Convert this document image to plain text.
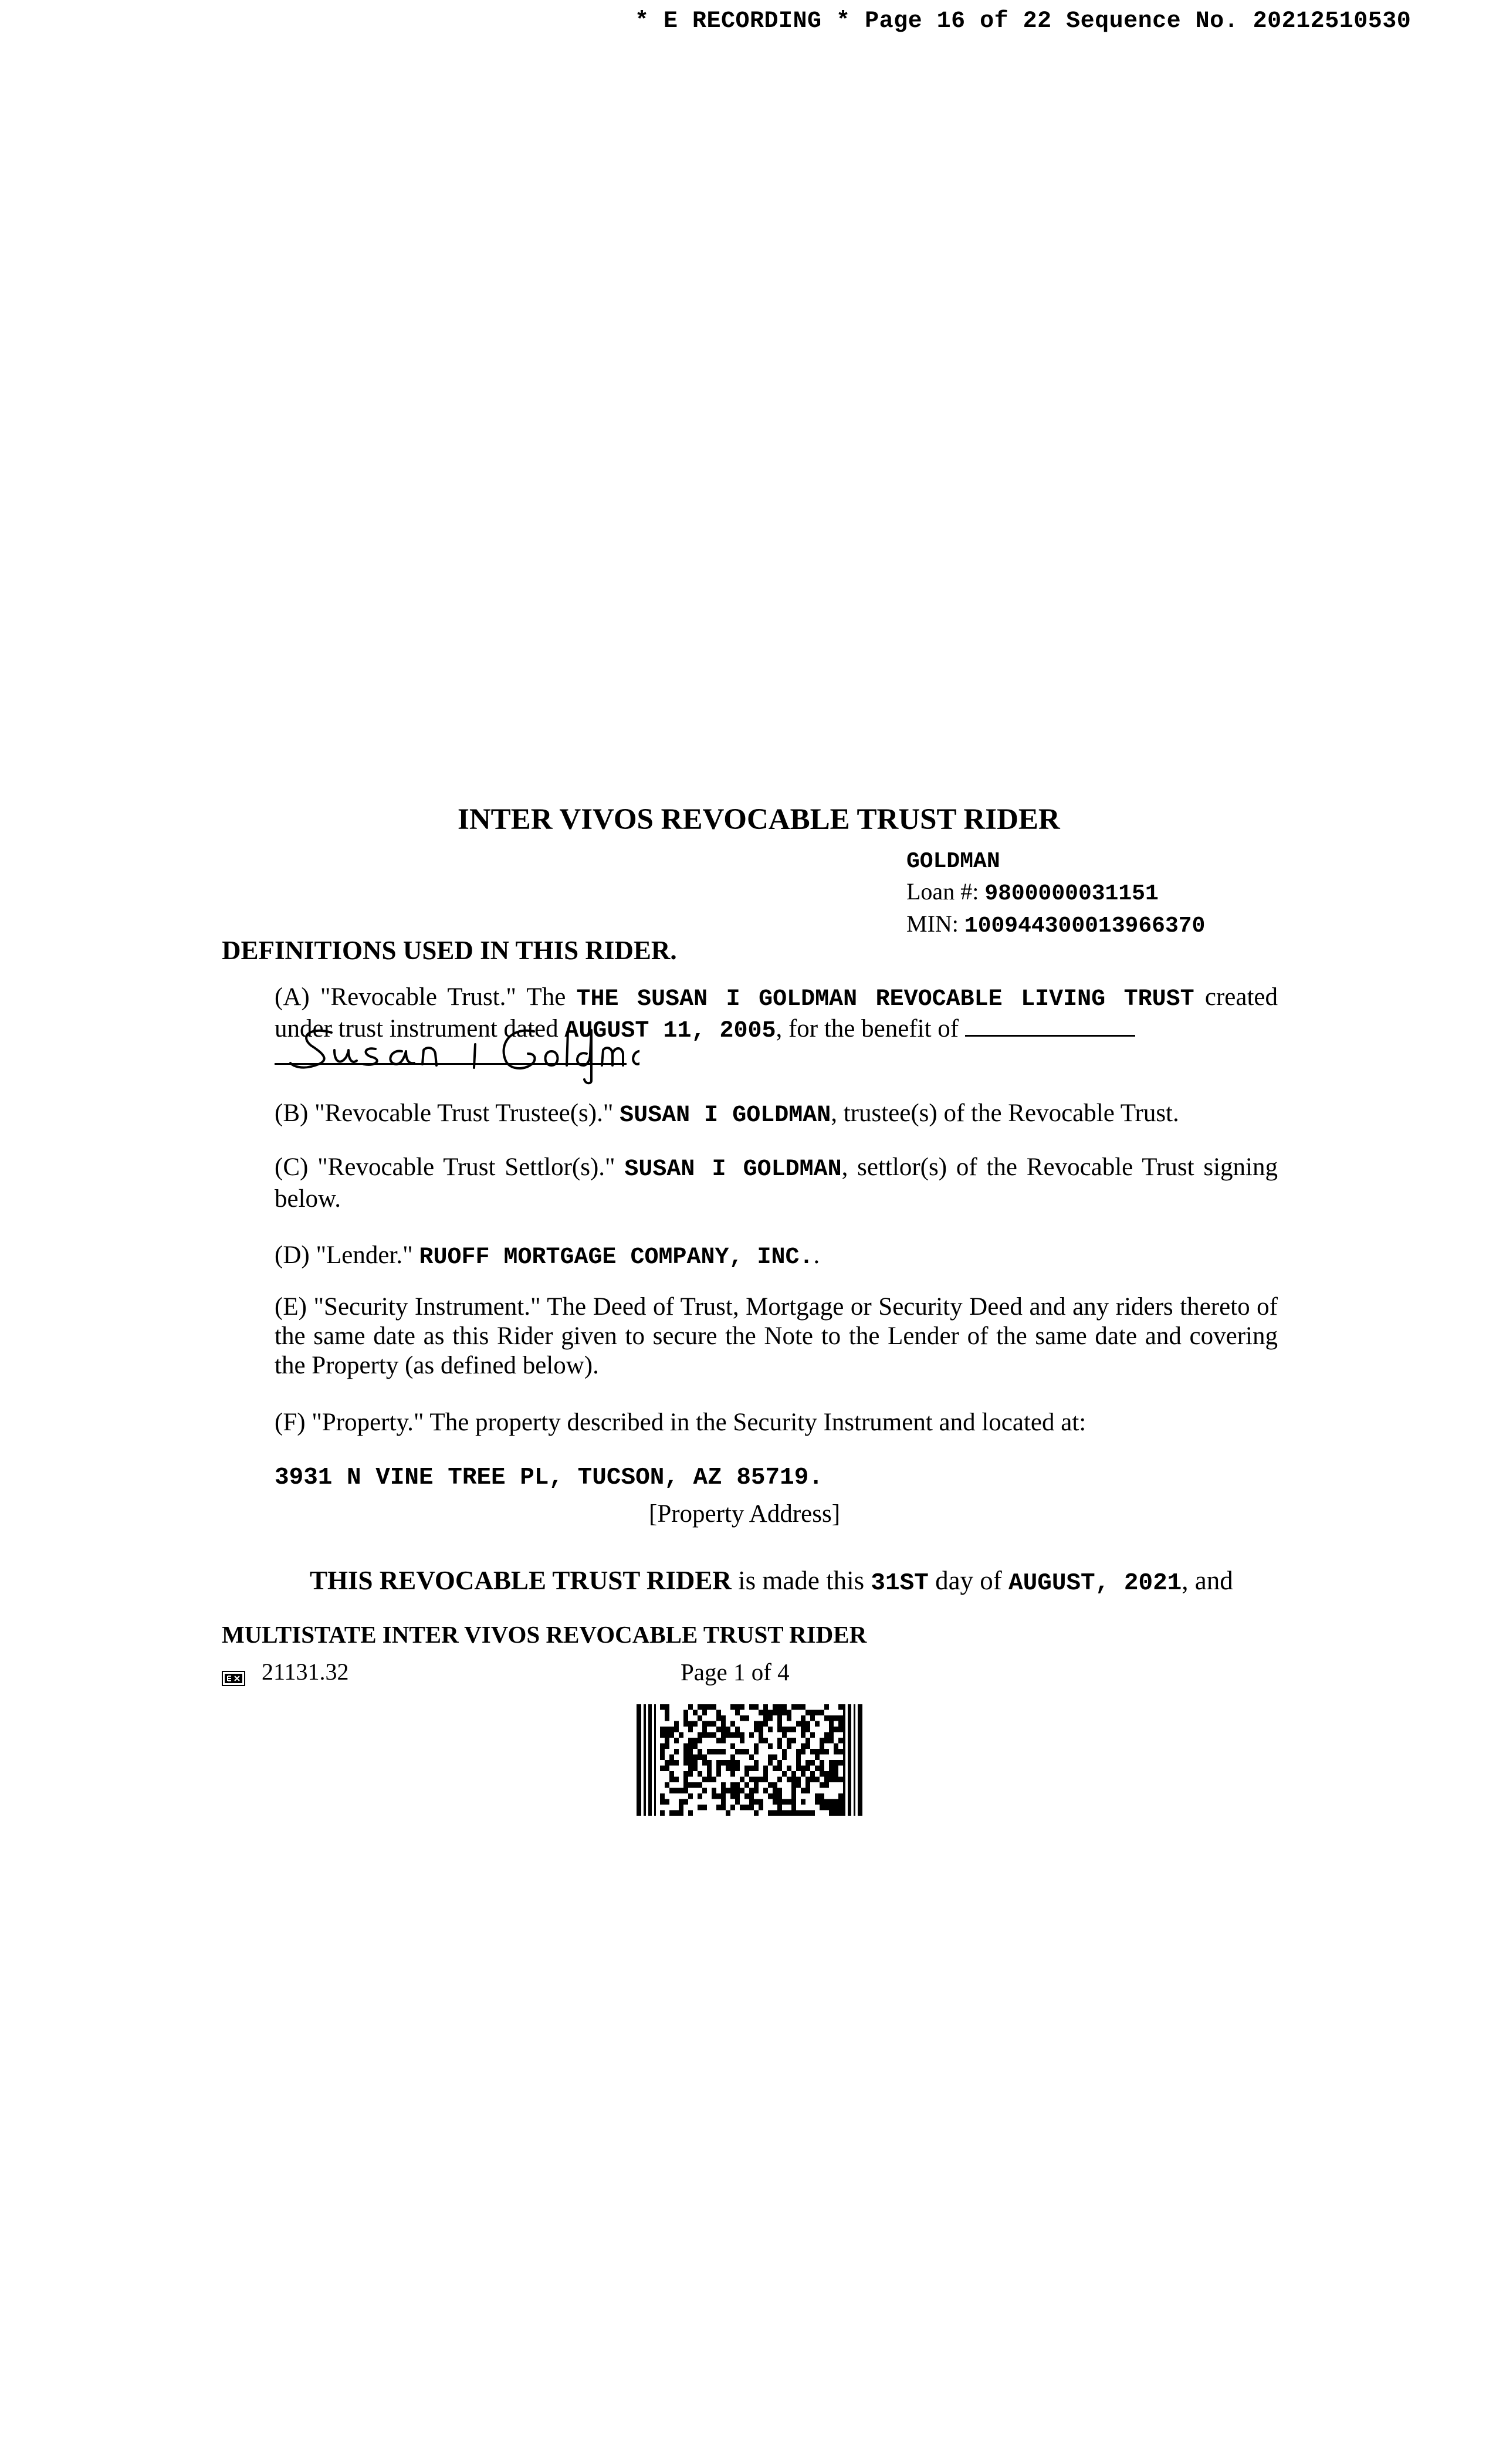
* E RECORDING * Page 16 of 22 Sequence No. 20212510530
INTER VIVOS REVOCABLE TRUST RIDER
GOLDMAN
Loan #: 9800000031151
MIN: 100944300013966370
DEFINITIONS USED IN THIS RIDER.
(A) "Revocable Trust." The THE SUSAN I GOLDMAN REVOCABLE LIVING TRUST created under trust instrument dated AUGUST 11, 2005, for the benefit of
(B) "Revocable Trust Trustee(s)." SUSAN I GOLDMAN, trustee(s) of the Revocable Trust.
(C) "Revocable Trust Settlor(s)." SUSAN I GOLDMAN, settlor(s) of the Revocable Trust signing below.
(D) "Lender." RUOFF MORTGAGE COMPANY, INC..
(E) "Security Instrument." The Deed of Trust, Mortgage or Security Deed and any riders thereto of the same date as this Rider given to secure the Note to the Lender of the same date and covering the Property (as defined below).
(F) "Property." The property described in the Security Instrument and located at:
3931 N VINE TREE PL, TUCSON, AZ 85719.
[Property Address]
THIS REVOCABLE TRUST RIDER is made this 31ST day of AUGUST, 2021, and
MULTISTATE INTER VIVOS REVOCABLE TRUST RIDER
21131.32	Page 1 of 4
